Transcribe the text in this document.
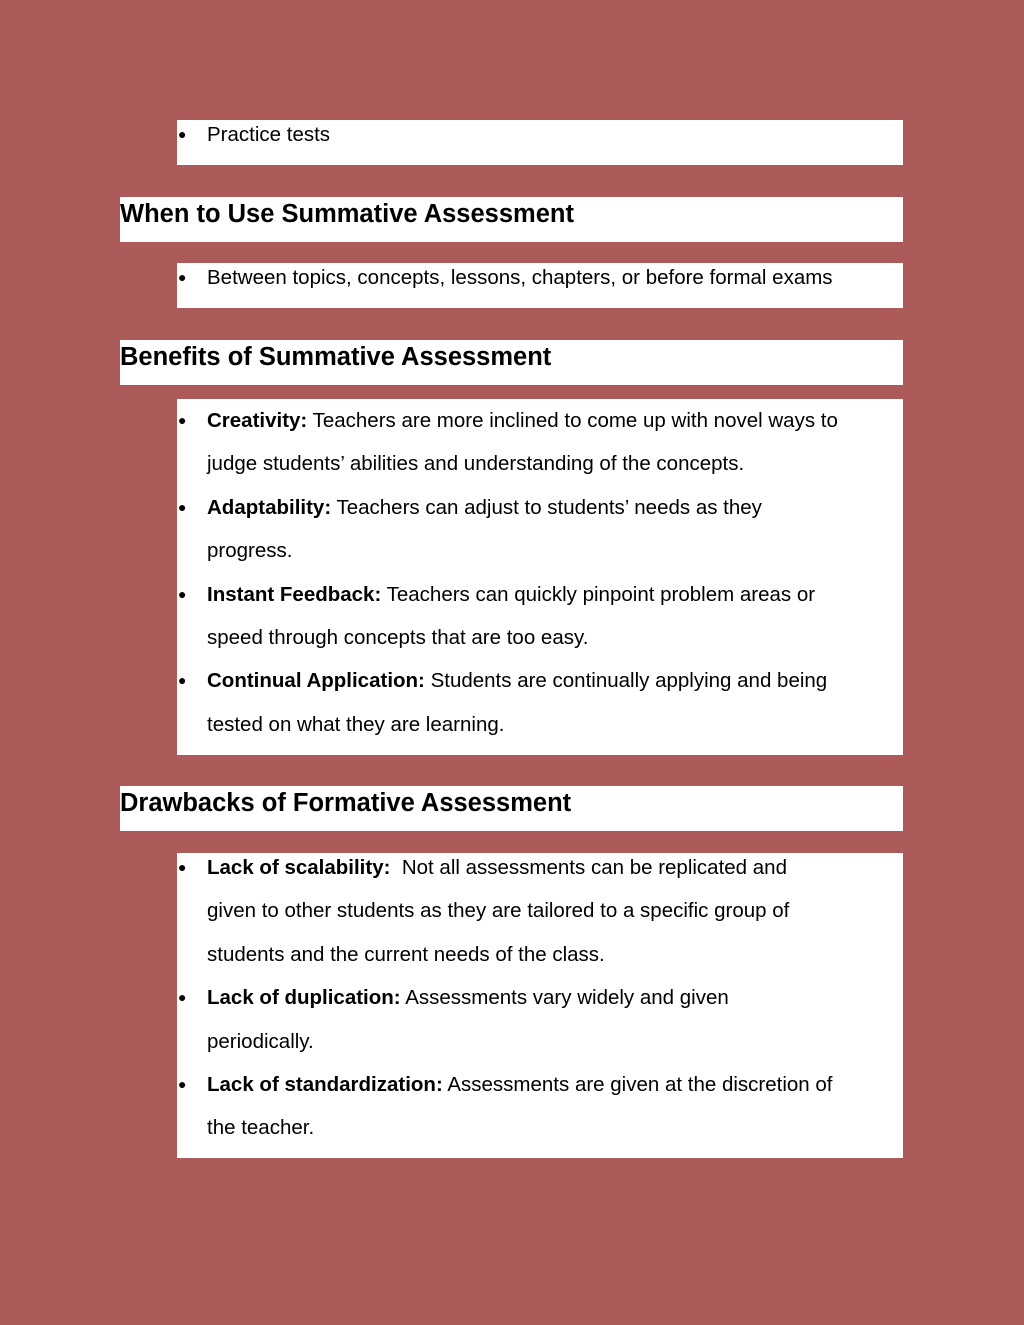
● Practice tests
When to Use Summative Assessment
● Between topics, concepts, lessons, chapters, or before formal exams
Benefits of Summative Assessment
● Creativity: Teachers are more inclined to come up with novel ways to
judge students’ abilities and understanding of the concepts.
● Adaptability: Teachers can adjust to students’ needs as they
progress.
● Instant Feedback: Teachers can quickly pinpoint problem areas or
speed through concepts that are too easy.
● Continual Application: Students are continually applying and being
tested on what they are learning.
Drawbacks of Formative Assessment
● Lack of scalability:  Not all assessments can be replicated and
given to other students as they are tailored to a specific group of
students and the current needs of the class.
● Lack of duplication: Assessments vary widely and given
periodically.
● Lack of standardization: Assessments are given at the discretion of
the teacher.
